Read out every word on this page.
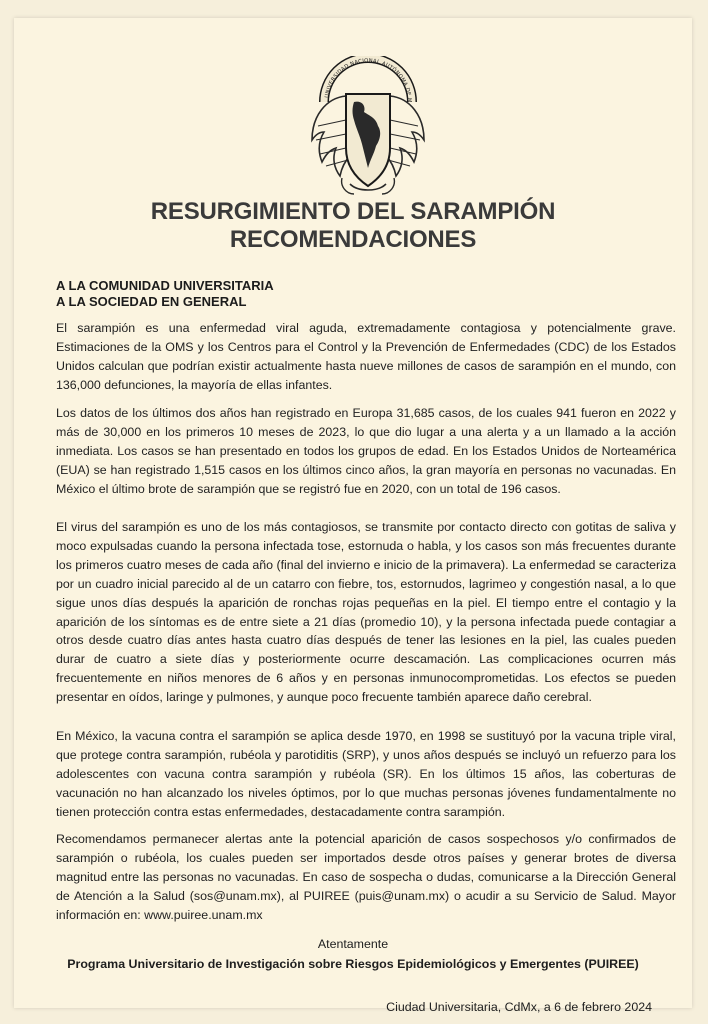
UNIVERSIDAD NACIONAL AUTÓNOMA DE M
RESURGIMIENTO DEL SARAMPIÓN
RECOMENDACIONES
A LA COMUNIDAD UNIVERSITARIA
A LA SOCIEDAD EN GENERAL

El sarampión es una enfermedad viral aguda, extremadamente contagiosa y potencialmente grave. Estimaciones de la OMS y los Centros para el Control y la Prevención de Enfermedades (CDC) de los Estados Unidos calculan que podrían existir actualmente hasta nueve millones de casos de sarampión en el mundo, con 136,000 defunciones, la mayoría de ellas infantes.

Los datos de los últimos dos años han registrado en Europa 31,685 casos, de los cuales 941 fueron en 2022 y más de 30,000 en los primeros 10 meses de 2023, lo que dio lugar a una alerta y a un llamado a la acción inmediata. Los casos se han presentado en todos los grupos de edad. En los Estados Unidos de Norteamérica (EUA) se han registrado 1,515 casos en los últimos cinco años, la gran mayoría en personas no vacunadas. En México el último brote de sarampión que se registró fue en 2020, con un total de 196 casos.

El virus del sarampión es uno de los más contagiosos, se transmite por contacto directo con gotitas de saliva y moco expulsadas cuando la persona infectada tose, estornuda o habla, y los casos son más frecuentes durante los primeros cuatro meses de cada año (final del invierno e inicio de la primavera). La enfermedad se caracteriza por un cuadro inicial parecido al de un catarro con fiebre, tos, estornudos, lagrimeo y congestión nasal, a lo que sigue unos días después la aparición de ronchas rojas pequeñas en la piel. El tiempo entre el contagio y la aparición de los síntomas es de entre siete a 21 días (promedio 10), y la persona infectada puede contagiar a otros desde cuatro días antes hasta cuatro días después de tener las lesiones en la piel, las cuales pueden durar de cuatro a siete días y posteriormente ocurre descamación. Las complicaciones ocurren más frecuentemente en niños menores de 6 años y en personas inmunocomprometidas. Los efectos se pueden presentar en oídos, laringe y pulmones, y aunque poco frecuente también aparece daño cerebral.

En México, la vacuna contra el sarampión se aplica desde 1970, en 1998 se sustituyó por la vacuna triple viral, que protege contra sarampión, rubéola y parotiditis (SRP), y unos años después se incluyó un refuerzo para los adolescentes con vacuna contra sarampión y rubéola (SR). En los últimos 15 años, las coberturas de vacunación no han alcanzado los niveles óptimos, por lo que muchas personas jóvenes fundamentalmente no tienen protección contra estas enfermedades, destacadamente contra sarampión.

Recomendamos permanecer alertas ante la potencial aparición de casos sospechosos y/o confirmados de sarampión o rubéola, los cuales pueden ser importados desde otros países y generar brotes de diversa magnitud entre las personas no vacunadas. En caso de sospecha o dudas, comunicarse a la Dirección General de Atención a la Salud (sos@unam.mx), al PUIREE (puis@unam.mx) o acudir a su Servicio de Salud. Mayor información en: www.puiree.unam.mx

Atentamente
Programa Universitario de Investigación sobre Riesgos Epidemiológicos y Emergentes (PUIREE)
Ciudad Universitaria, CdMx, a 6 de febrero 2024
